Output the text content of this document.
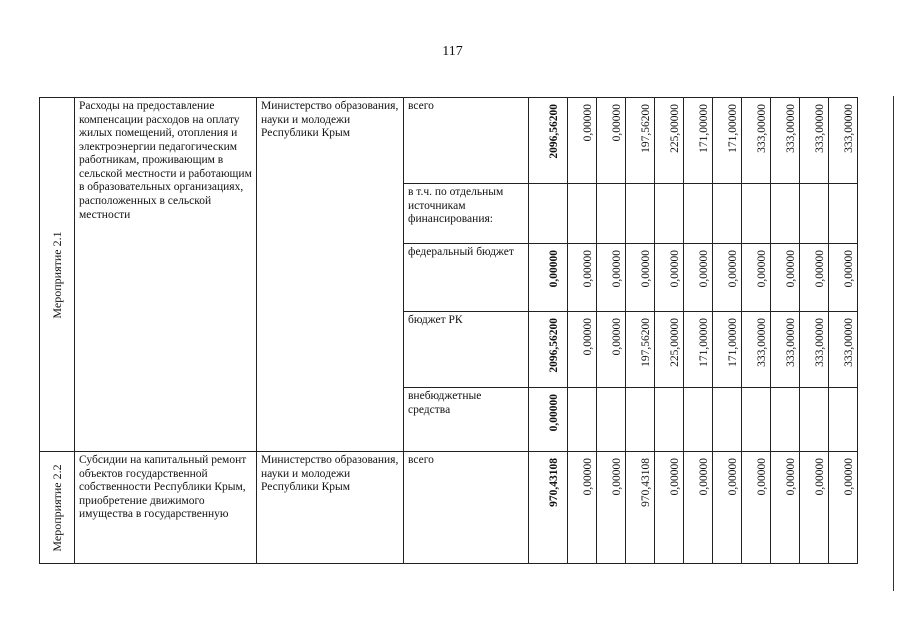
117
Мероприятие 2.1	Расходы на предоставление компенсации расходов на оплату жилых помещений, отопления и электроэнергии педагогическим работникам, проживающим в сельской местности и работающим в образовательных организациях, расположенных в сельской местности	Министерство образования, науки и молодежи Республики Крым	всего	2096,56200	0,00000	0,00000	197,56200	225,00000	171,00000	171,00000	333,00000	333,00000	333,00000	333,00000

			в т.ч. по отдельным источникам финансирования:											
			федеральный бюджет	0,00000	0,00000	0,00000	0,00000	0,00000	0,00000	0,00000	0,00000	0,00000	0,00000	0,00000

			бюджет РК	2096,56200	0,00000	0,00000	197,56200	225,00000	171,00000	171,00000	333,00000	333,00000	333,00000	333,00000

			внебюджетные средства	0,00000										

Мероприятие 2.2	Субсидии на капитальный ремонт объектов государственной собственности Республики Крым, приобретение движимого имущества в государственную	Министерство образования, науки и молодежи Республики Крым	всего	970,43108	0,00000	0,00000	970,43108	0,00000	0,00000	0,00000	0,00000	0,00000	0,00000	0,00000
